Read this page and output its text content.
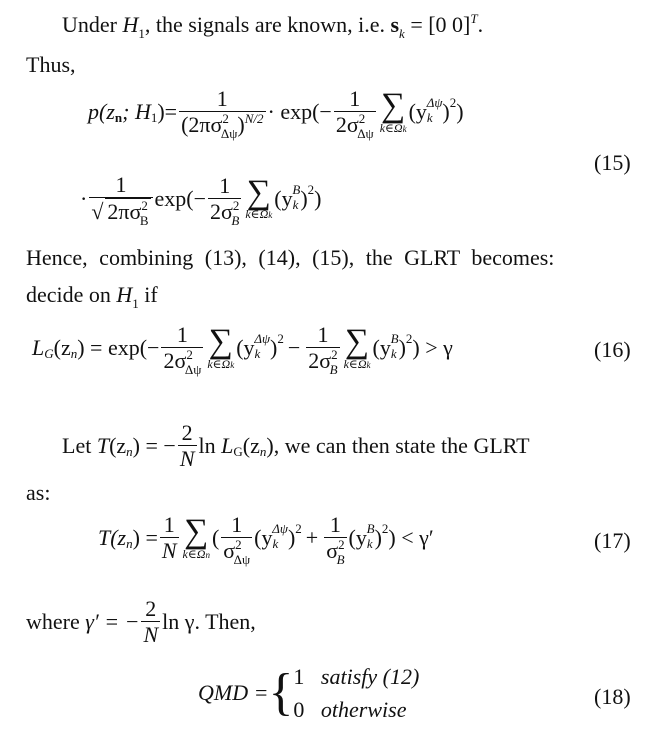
Under $H_1$, the signals are known, i.e. $s_k = [0$ 0]$^T$.
Thus,
p(z n ; H 1 )= $\frac{1}{(2\pi\sigma^2_{\Delta\psi})^{N/2}} \cdot \exp(- \frac{1}{2\sigma^2_{\Delta\psi}}$ ∑
k∈Ωk
(y k
Δψ ) 2 )
· $\frac{1}{√ 2\pi\sigma^2_B} \exp(- \frac{1}{2\sigma^2_B}$ ∑
k∈Ωk
(y k
B ) 2 )
(15)
Hence, combining (13), (14), (15), the GLRT becomes:
decide on $H_1$ if
L G (z n ) = $\exp(- \frac{1}{2\sigma^2_{\Delta\psi}}$ ∑
k∈Ωk
(y k
Δψ ) $2 - \frac{1}{2\sigma^2_B}$ ∑
k∈Ωk
(y k
B ) 2 ) > γ	(16)
Let
T (z n ) = − $\frac{2}{N}$ ln
L G (z n ) , we can then state the GLRT
as:
T(z n ) = $\frac{1}{N}$ ∑
k∈Ωn
( $\frac{1}{\sigma^2_{\Delta\psi}} (y$ k
Δψ ) $2 + \frac{1}{\sigma^2_B} (y$ k
B ) 2 ) < γ′	(17)
where
γ′ = − $\frac{2}{N}$ ln γ . Then,
QMD = { 1 satisfy (12)
0 otherwise
(18)
